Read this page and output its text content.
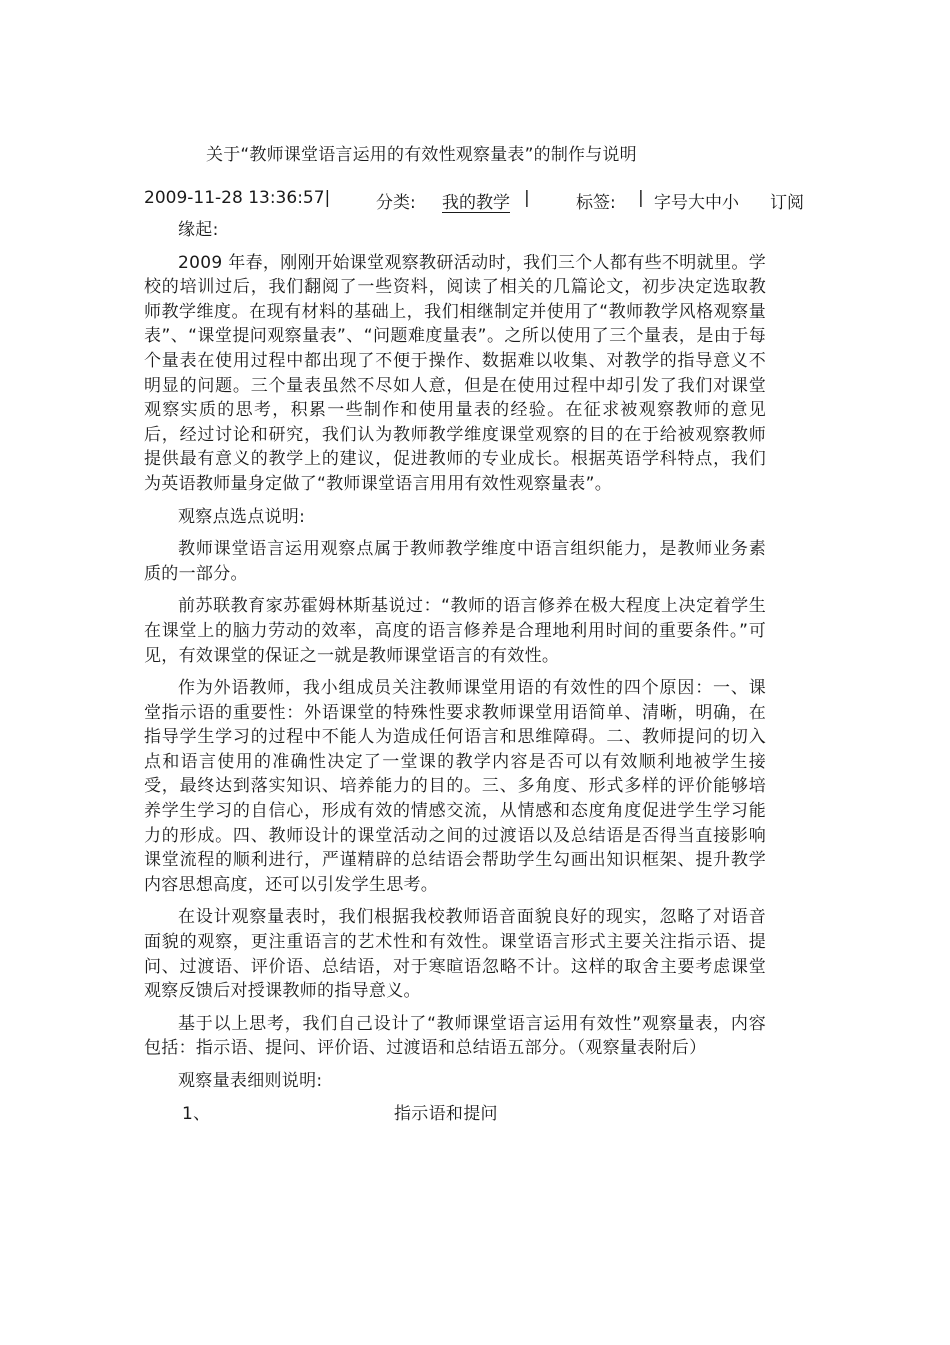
关于“教师课堂语言运用的有效性观察量表”的制作与说明
2009-11-28 13:36:57|	分类: 我的教学 |	标签: | 字号大中小 订阅

缘起:

2009 年春，刚刚开始课堂观察教研活动时，我们三个人都有些不明就里。学校的培训过后，我们翻阅了一些资料，阅读了相关的几篇论文，初步决定选取教师教学维度。在现有材料的基础上，我们相继制定并使用了“教师教学风格观察量表”、“课堂提问观察量表”、“问题难度量表”。之所以使用了三个量表，是由于每个量表在使用过程中都出现了不便于操作、数据难以收集、对教学的指导意义不明显的问题。三个量表虽然不尽如人意，但是在使用过程中却引发了我们对课堂观察实质的思考，积累一些制作和使用量表的经验。在征求被观察教师的意见后，经过讨论和研究，我们认为教师教学维度课堂观察的目的在于给被观察教师提供最有意义的教学上的建议，促进教师的专业成长。根据英语学科特点，我们为英语教师量身定做了“教师课堂语言用用有效性观察量表”。

观察点选点说明:

教师课堂语言运用观察点属于教师教学维度中语言组织能力，是教师业务素质的一部分。

前苏联教育家苏霍姆林斯基说过：“教师的语言修养在极大程度上决定着学生在课堂上的脑力劳动的效率，高度的语言修养是合理地利用时间的重要条件。”可见，有效课堂的保证之一就是教师课堂语言的有效性。

作为外语教师，我小组成员关注教师课堂用语的有效性的四个原因：一、课堂指示语的重要性：外语课堂的特殊性要求教师课堂用语简单、清晰，明确，在指导学生学习的过程中不能人为造成任何语言和思维障碍。二、教师提问的切入点和语言使用的准确性决定了一堂课的教学内容是否可以有效顺利地被学生接受，最终达到落实知识、培养能力的目的。三、多角度、形式多样的评价能够培养学生学习的自信心，形成有效的情感交流，从情感和态度角度促进学生学习能力的形成。四、教师设计的课堂活动之间的过渡语以及总结语是否得当直接影响课堂流程的顺利进行，严谨精辟的总结语会帮助学生勾画出知识框架、提升教学内容思想高度，还可以引发学生思考。

在设计观察量表时，我们根据我校教师语音面貌良好的现实，忽略了对语音面貌的观察，更注重语言的艺术性和有效性。课堂语言形式主要关注指示语、提问、过渡语、评价语、总结语，对于寒暄语忽略不计。这样的取舍主要考虑课堂观察反馈后对授课教师的指导意义。

基于以上思考，我们自己设计了“教师课堂语言运用有效性”观察量表，内容包括：指示语、提问、评价语、过渡语和总结语五部分。（观察量表附后）

观察量表细则说明:

1、	指示语和提问
